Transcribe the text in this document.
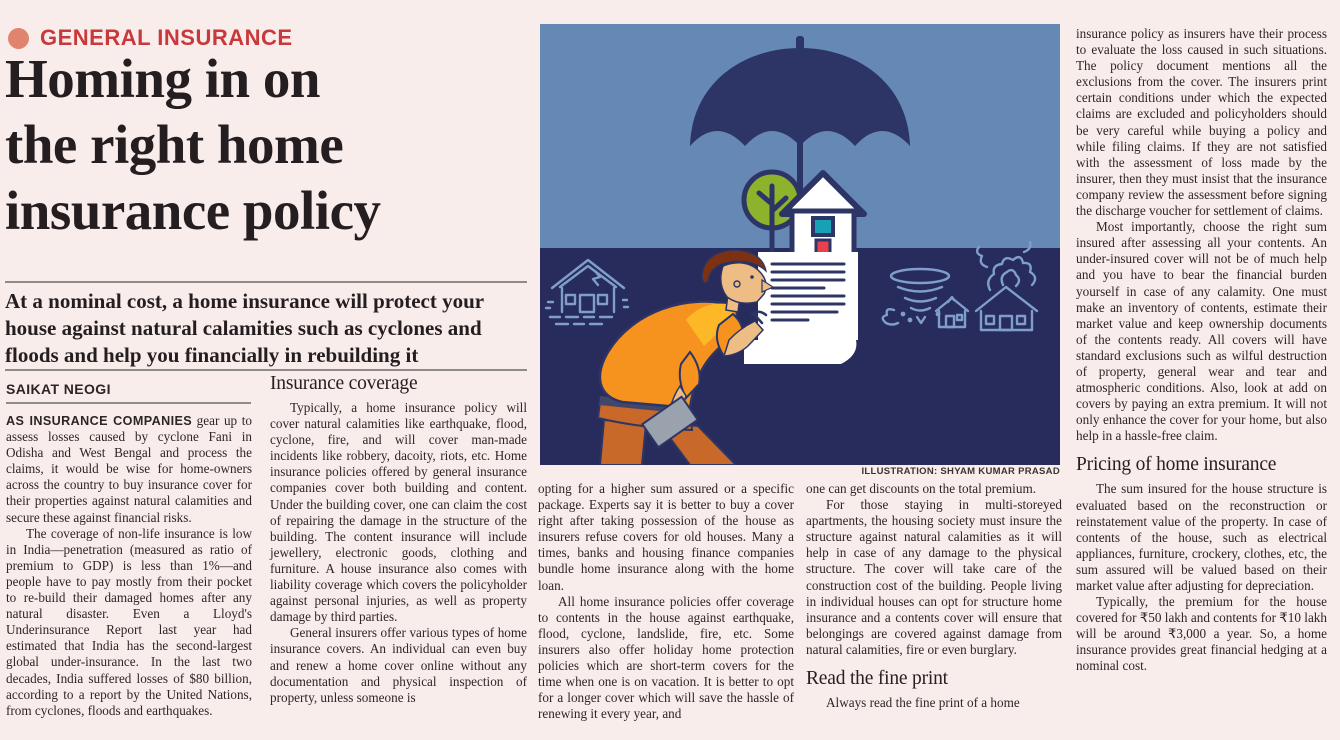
GENERAL INSURANCE
Homing in on
the right home
insurance policy

At a nominal cost, a home insurance will protect your house against natural calamities such as cyclones and floods and help you financially in rebuilding it

SAIKAT NEOGI

AS INSURANCE COMPANIES gear up to assess losses caused by cyclone Fani in Odisha and West Bengal and process the claims, it would be wise for home-owners across the country to buy insurance cover for their properties against natural calamities and secure these against financial risks.

The coverage of non-life insurance is low in India—penetration (measured as ratio of premium to GDP) is less than 1%—and people have to pay mostly from their pocket to re-build their damaged homes after any natural disaster. Even a Lloyd's Underinsurance Report last year had estimated that India has the second-largest global under-insurance. In the last two decades, India suffered losses of $80 billion, according to a report by the United Nations, from cyclones, floods and earthquakes.

Insurance coverage

Typically, a home insurance policy will cover natural calamities like earthquake, flood, cyclone, fire, and will cover man-made incidents like robbery, dacoity, riots, etc. Home insurance policies offered by general insurance companies cover both building and content. Under the building cover, one can claim the cost of repairing the damage in the structure of the building. The content insurance will include jewellery, electronic goods, clothing and furniture. A house insurance also comes with liability coverage which covers the policyholder against personal injuries, as well as property damage by third parties.

General insurers offer various types of home insurance covers. An individual can even buy and renew a home cover online without any documentation and physical inspection of property, unless someone is

ILLUSTRATION: SHYAM KUMAR PRASAD

opting for a higher sum assured or a specific package. Experts say it is better to buy a cover right after taking possession of the house as insurers refuse covers for old houses. Many a times, banks and housing finance companies bundle home insurance along with the home loan.

All home insurance policies offer coverage to contents in the house against earthquake, flood, cyclone, landslide, fire, etc. Some insurers also offer holiday home protection policies which are short-term covers for the time when one is on vacation. It is better to opt for a longer cover which will save the hassle of renewing it every year, and

one can get discounts on the total premium.

For those staying in multi-storeyed apartments, the housing society must insure the structure against natural calamities as it will help in case of any damage to the physical structure. The cover will take care of the construction cost of the building. People living in individual houses can opt for structure home insurance and a contents cover will ensure that belongings are covered against damage from natural calamities, fire or even burglary.

Read the fine print

Always read the fine print of a home

insurance policy as insurers have their process to evaluate the loss caused in such situations. The policy document mentions all the exclusions from the cover. The insurers print certain conditions under which the expected claims are excluded and policyholders should be very careful while buying a policy and while filing claims. If they are not satisfied with the assessment of loss made by the insurer, then they must insist that the insurance company review the assessment before signing the discharge voucher for settlement of claims.

Most importantly, choose the right sum insured after assessing all your contents. An under-insured cover will not be of much help and you have to bear the financial burden yourself in case of any calamity. One must make an inventory of contents, estimate their market value and keep ownership documents of the contents ready. All covers will have standard exclusions such as wilful destruction of property, general wear and tear and atmospheric conditions. Also, look at add on covers by paying an extra premium. It will not only enhance the cover for your home, but also help in a hassle-free claim.

Pricing of home insurance

The sum insured for the house structure is evaluated based on the reconstruction or reinstatement value of the property. In case of contents of the house, such as electrical appliances, furniture, crockery, clothes, etc, the sum assured will be valued based on their market value after adjusting for depreciation.

Typically, the premium for the house covered for ₹50 lakh and contents for ₹10 lakh will be around ₹3,000 a year. So, a home insurance provides great financial hedging at a nominal cost.
